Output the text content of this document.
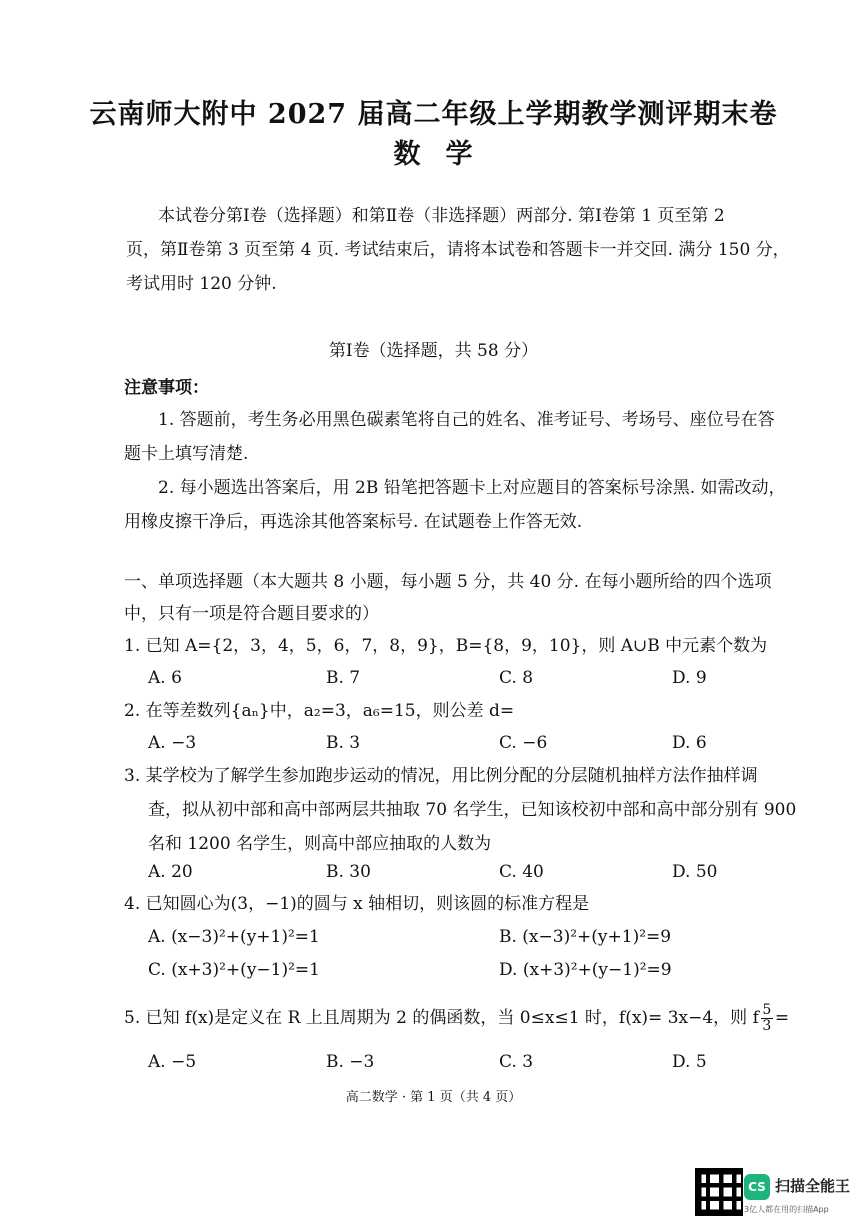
云南师大附中 2027 届高二年级上学期教学测评期末卷
数 学
本试卷分第Ⅰ卷（选择题）和第Ⅱ卷（非选择题）两部分. 第Ⅰ卷第 1 页至第 2
页，第Ⅱ卷第 3 页至第 4 页. 考试结束后，请将本试卷和答题卡一并交回. 满分 150 分，
考试用时 120 分钟.
第Ⅰ卷（选择题，共 58 分）
注意事项：
1. 答题前，考生务必用黑色碳素笔将自己的姓名、准考证号、考场号、座位号在答
题卡上填写清楚.
2. 每小题选出答案后，用 2B 铅笔把答题卡上对应题目的答案标号涂黑. 如需改动，
用橡皮擦干净后，再选涂其他答案标号. 在试题卷上作答无效.
一、单项选择题（本大题共 8 小题，每小题 5 分，共 40 分. 在每小题所给的四个选项
中，只有一项是符合题目要求的）
1. 已知 A={2，3，4，5，6，7，8，9}，B={8，9，10}，则 A∪B 中元素个数为
A. 6	B. 7	C. 8	D. 9
2. 在等差数列{aₙ}中，a₂=3，a₆=15，则公差 d=
A. −3	B. 3	C. −6	D. 6
3. 某学校为了解学生参加跑步运动的情况，用比例分配的分层随机抽样方法作抽样调
查，拟从初中部和高中部两层共抽取 70 名学生，已知该校初中部和高中部分别有 900
名和 1200 名学生，则高中部应抽取的人数为
A. 20	B. 30	C. 40	D. 50
4. 已知圆心为(3，−1)的圆与 x 轴相切，则该圆的标准方程是
A. (x−3)²+(y+1)²=1	B. (x−3)²+(y+1)²=9
C. (x+3)²+(y−1)²=1	D. (x+3)²+(y−1)²=9
5. 已知 f(x)是定义在 R 上且周期为 2 的偶函数，当 0≤x≤1 时，f(x)= 3x−4，则 f $\frac{5}{3}$ =
A. −5	B. −3	C. 3	D. 5
高二数学 · 第 1 页（共 4 页）
CS 扫描全能王
3亿人都在用的扫描App
